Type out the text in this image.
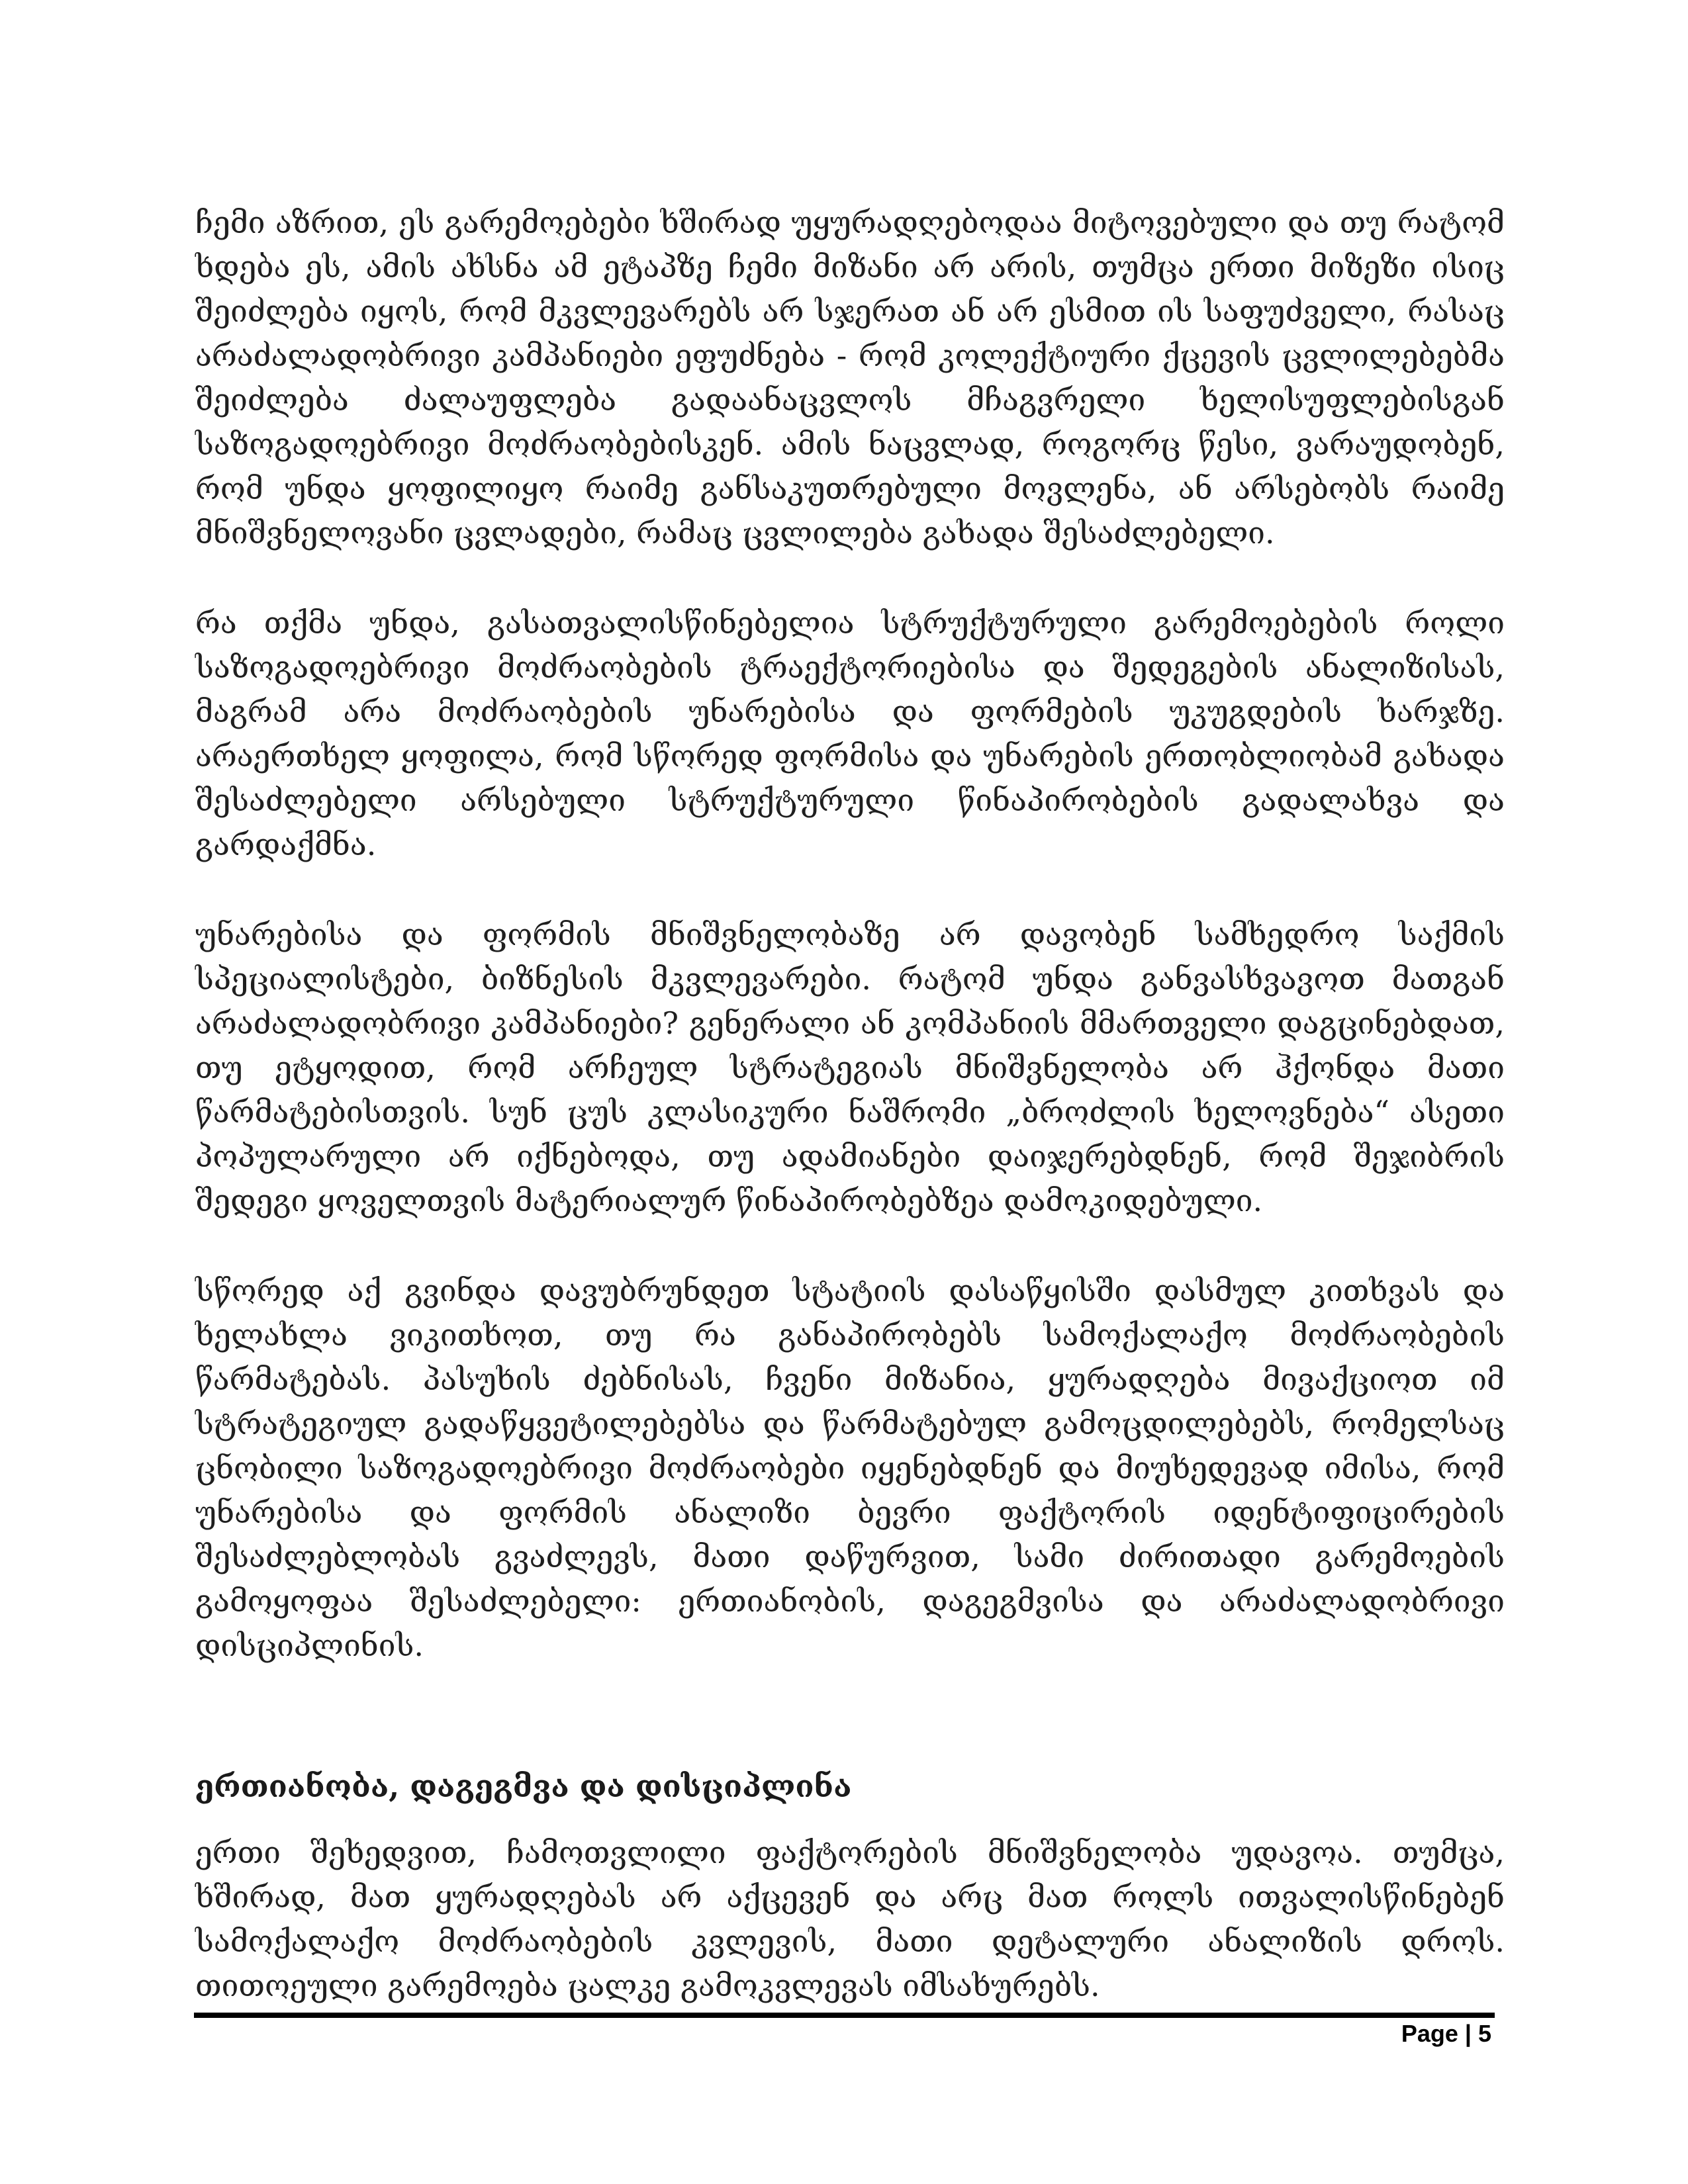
ჩემი აზრით, ეს გარემოებები ხშირად უყურადღებოდაა მიტოვებული და თუ რატომ ხდება ეს, ამის ახსნა ამ ეტაპზე ჩემი მიზანი არ არის, თუმცა ერთი მიზეზი ისიც შეიძლება იყოს, რომ მკვლევარებს არ სჯერათ ან არ ესმით ის საფუძველი, რასაც არაძალადობრივი კამპანიები ეფუძნება - რომ კოლექტიური ქცევის ცვლილებებმა შეიძლება ძალაუფლება გადაანაცვლოს მჩაგვრელი ხელისუფლებისგან საზოგადოებრივი მოძრაობებისკენ. ამის ნაცვლად, როგორც წესი, ვარაუდობენ, რომ უნდა ყოფილიყო რაიმე განსაკუთრებული მოვლენა, ან არსებობს რაიმე მნიშვნელოვანი ცვლადები, რამაც ცვლილება გახადა შესაძლებელი.

რა თქმა უნდა, გასათვალისწინებელია სტრუქტურული გარემოებების როლი საზოგადოებრივი მოძრაობების ტრაექტორიებისა და შედეგების ანალიზისას, მაგრამ არა მოძრაობების უნარებისა და ფორმების უკუგდების ხარჯზე. არაერთხელ ყოფილა, რომ სწორედ ფორმისა და უნარების ერთობლიობამ გახადა შესაძლებელი არსებული სტრუქტურული წინაპირობების გადალახვა და გარდაქმნა.

უნარებისა და ფორმის მნიშვნელობაზე არ დავობენ სამხედრო საქმის სპეციალისტები, ბიზნესის მკვლევარები. რატომ უნდა განვასხვავოთ მათგან არაძალადობრივი კამპანიები? გენერალი ან კომპანიის მმართველი დაგცინებდათ, თუ ეტყოდით, რომ არჩეულ სტრატეგიას მნიშვნელობა არ ჰქონდა მათი წარმატებისთვის. სუნ ცუს კლასიკური ნაშრომი „ბროძლის ხელოვნება“ ასეთი პოპულარული არ იქნებოდა, თუ ადამიანები დაიჯერებდნენ, რომ შეჯიბრის შედეგი ყოველთვის მატერიალურ წინაპირობებზეა დამოკიდებული.

სწორედ აქ გვინდა დავუბრუნდეთ სტატიის დასაწყისში დასმულ კითხვას და ხელახლა ვიკითხოთ, თუ რა განაპირობებს სამოქალაქო მოძრაობების წარმატებას. პასუხის ძებნისას, ჩვენი მიზანია, ყურადღება მივაქციოთ იმ სტრატეგიულ გადაწყვეტილებებსა და წარმატებულ გამოცდილებებს, რომელსაც ცნობილი საზოგადოებრივი მოძრაობები იყენებდნენ და მიუხედევად იმისა, რომ უნარებისა და ფორმის ანალიზი ბევრი ფაქტორის იდენტიფიცირების შესაძლებლობას გვაძლევს, მათი დაწურვით, სამი ძირითადი გარემოების გამოყოფაა შესაძლებელი: ერთიანობის, დაგეგმვისა და არაძალადობრივი დისციპლინის.

ერთიანობა, დაგეგმვა და დისციპლინა

ერთი შეხედვით, ჩამოთვლილი ფაქტორების მნიშვნელობა უდავოა. თუმცა, ხშირად, მათ ყურადღებას არ აქცევენ და არც მათ როლს ითვალისწინებენ სამოქალაქო მოძრაობების კვლევის, მათი დეტალური ანალიზის დროს. თითოეული გარემოება ცალკე გამოკვლევას იმსახურებს.

Page | 5
